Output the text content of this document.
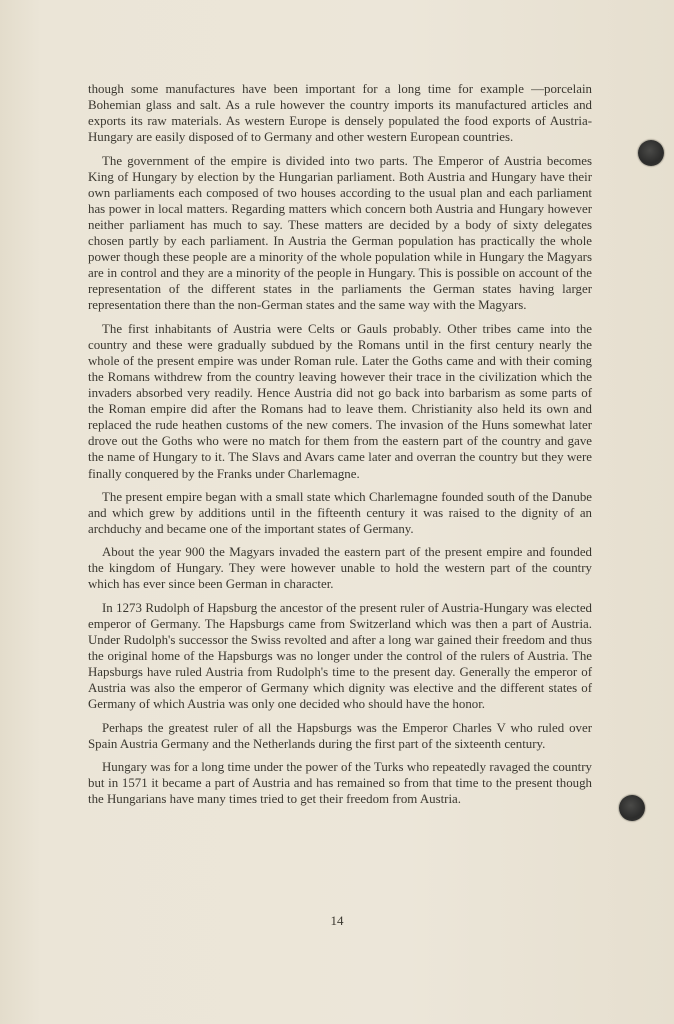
though some manufactures have been important for a long time for example —porcelain Bohemian glass and salt. As a rule however the country imports its manufactured articles and exports its raw materials. As western Europe is densely populated the food exports of Austria-Hungary are easily disposed of to Germany and other western European countries.

The government of the empire is divided into two parts. The Emperor of Austria becomes King of Hungary by election by the Hungarian parliament. Both Austria and Hungary have their own parliaments each composed of two houses according to the usual plan and each parliament has power in local matters. Regarding matters which concern both Austria and Hungary however neither parliament has much to say. These matters are decided by a body of sixty delegates chosen partly by each parliament. In Austria the German population has practically the whole power though these people are a minority of the whole population while in Hungary the Magyars are in control and they are a minority of the people in Hungary. This is possible on account of the representation of the different states in the parliaments the German states having larger representation there than the non-German states and the same way with the Magyars.

The first inhabitants of Austria were Celts or Gauls probably. Other tribes came into the country and these were gradually subdued by the Romans until in the first century nearly the whole of the present empire was under Roman rule. Later the Goths came and with their coming the Romans withdrew from the country leaving however their trace in the civilization which the invaders absorbed very readily. Hence Austria did not go back into barbarism as some parts of the Roman empire did after the Romans had to leave them. Christianity also held its own and replaced the rude heathen customs of the new comers. The invasion of the Huns somewhat later drove out the Goths who were no match for them from the eastern part of the country and gave the name of Hungary to it. The Slavs and Avars came later and overran the country but they were finally conquered by the Franks under Charlemagne.

The present empire began with a small state which Charlemagne founded south of the Danube and which grew by additions until in the fifteenth century it was raised to the dignity of an archduchy and became one of the important states of Germany.

About the year 900 the Magyars invaded the eastern part of the present empire and founded the kingdom of Hungary. They were however unable to hold the western part of the country which has ever since been German in character.

In 1273 Rudolph of Hapsburg the ancestor of the present ruler of Austria-Hungary was elected emperor of Germany. The Hapsburgs came from Switzerland which was then a part of Austria. Under Rudolph's successor the Swiss revolted and after a long war gained their freedom and thus the original home of the Hapsburgs was no longer under the control of the rulers of Austria. The Hapsburgs have ruled Austria from Rudolph's time to the present day. Generally the emperor of Austria was also the emperor of Germany which dignity was elective and the different states of Germany of which Austria was only one decided who should have the honor.

Perhaps the greatest ruler of all the Hapsburgs was the Emperor Charles V who ruled over Spain Austria Germany and the Netherlands during the first part of the sixteenth century.

Hungary was for a long time under the power of the Turks who repeatedly ravaged the country but in 1571 it became a part of Austria and has remained so from that time to the present though the Hungarians have many times tried to get their freedom from Austria.

14
